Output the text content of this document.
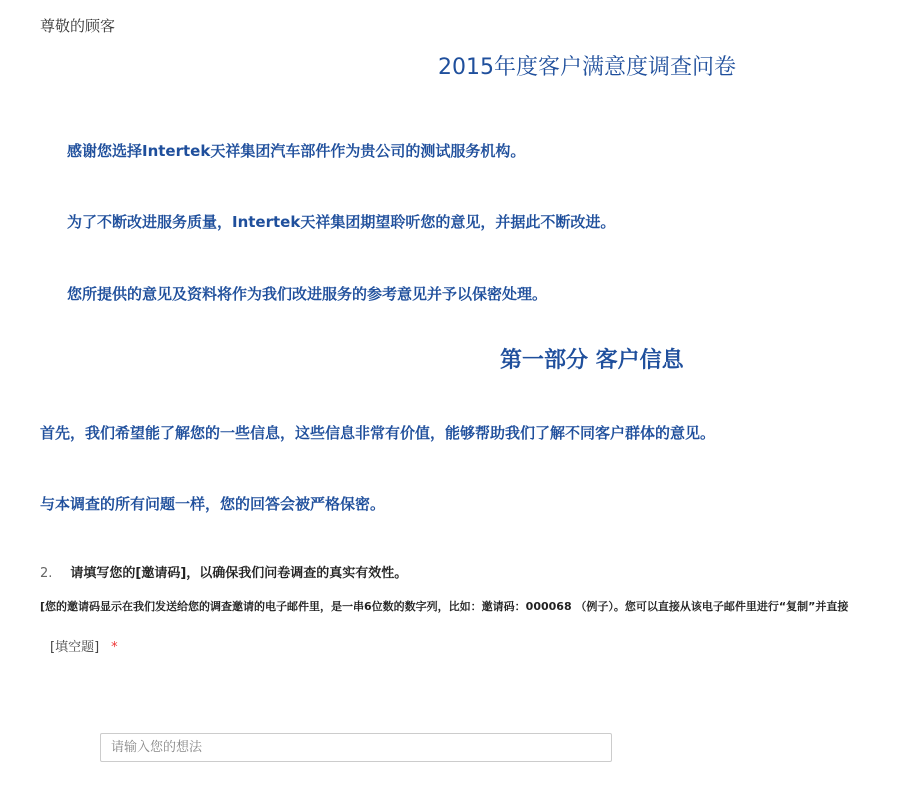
尊敬的顾客
2015年度客户满意度调查问卷
感谢您选择Intertek天祥集团汽车部件作为贵公司的测试服务机构。
为了不断改进服务质量，Intertek天祥集团期望聆听您的意见，并据此不断改进。
您所提供的意见及资料将作为我们改进服务的参考意见并予以保密处理。
第一部分 客户信息
首先，我们希望能了解您的一些信息，这些信息非常有价值，能够帮助我们了解不同客户群体的意见。
与本调查的所有问题一样，您的回答会被严格保密。
2. 请填写您的[邀请码]，以确保我们问卷调查的真实有效性。
[您的邀请码显示在我们发送给您的调查邀请的电子邮件里，是一串6位数的数字列，比如：邀请码：000068 （例子）。您可以直接从该电子邮件里进行“复制”并直接
[填空题] *
请输入您的想法
